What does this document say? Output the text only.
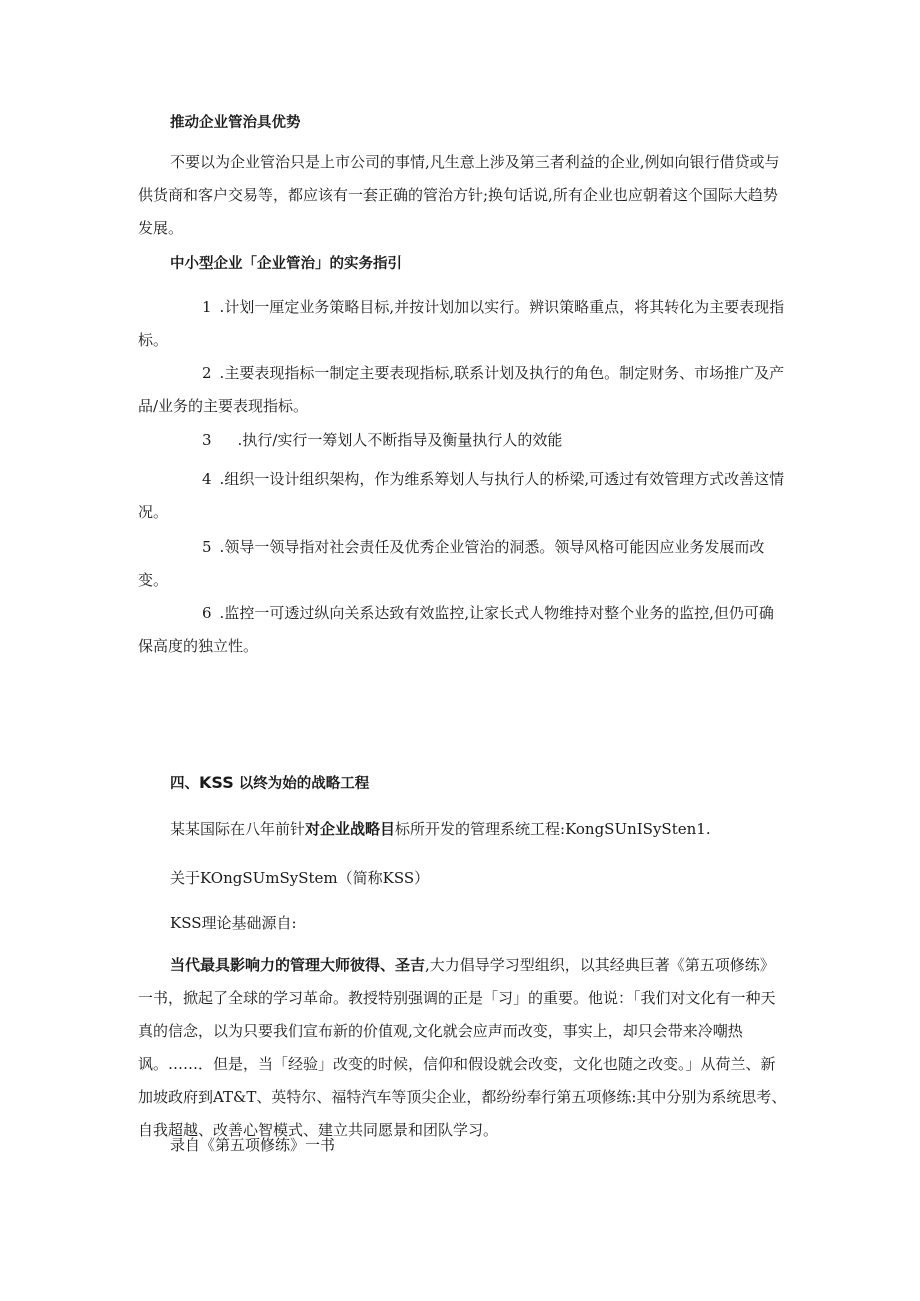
推动企业管治具优势

不要以为企业管治只是上市公司的事情,凡生意上涉及第三者利益的企业,例如向银行借贷或与供货商和客户交易等，都应该有一套正确的管治方针;换句话说,所有企业也应朝着这个国际大趋势发展。

中小型企业「企业管治」的实务指引

1 .计划一厘定业务策略目标,并按计划加以实行。辨识策略重点，将其转化为主要表现指标。

2 .主要表现指标一制定主要表现指标,联系计划及执行的角色。制定财务、市场推广及产品/业务的主要表现指标。

3 .执行/实行一筹划人不断指导及衡量执行人的效能

4 .组织一设计组织架构，作为维系筹划人与执行人的桥梁,可透过有效管理方式改善这情况。

5 .领导一领导指对社会责任及优秀企业管治的洞悉。领导风格可能因应业务发展而改变。

6 .监控一可透过纵向关系达致有效监控,让家长式人物维持对整个业务的监控,但仍可确保高度的独立性。

四、KSS 以终为始的战略工程

某某国际在八年前针对企业战略目标所开发的管理系统工程:KongSUnISySten1.

关于KOngSUmSyStem（简称KSS）

KSS理论基础源自:

当代最具影响力的管理大师彼得、圣吉,大力倡导学习型组织，以其经典巨著《第五项修练》一书，掀起了全球的学习革命。教授特别强调的正是「习」的重要。他说：「我们对文化有一种天真的信念，以为只要我们宣布新的价值观,文化就会应声而改变，事实上，却只会带来冷嘲热讽。……．但是，当「经验」改变的时候，信仰和假设就会改变，文化也随之改变。」从荷兰、新加坡政府到AT&T、英特尔、福特汽车等顶尖企业，都纷纷奉行第五项修练:其中分别为系统思考、自我超越、改善心智模式、建立共同愿景和团队学习。

录自《第五项修练》一书
